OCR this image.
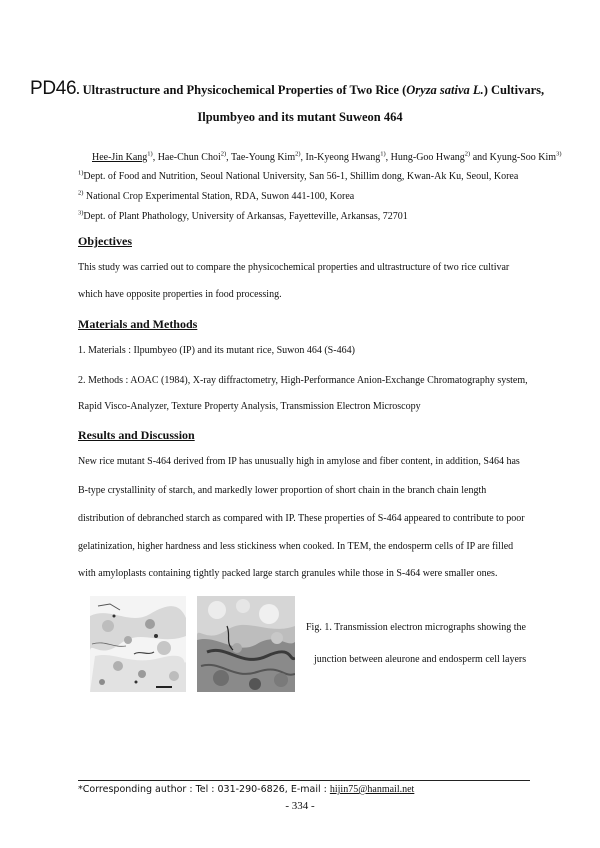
PD46. Ultrastructure and Physicochemical Properties of Two Rice (Oryza sativa L.) Cultivars,
Ilpumbyeo and its mutant Suweon 464
Hee-Jin Kang$^{1)}$, Hae-Chun Choi$^{2)}$, Tae-Young Kim$^{2)}$, In-Kyeong Hwang$^{1)}$, Hung-Goo Hwang$^{2)}$ and Kyung-Soo Kim$^{3)}$
$^{1)}$Dept. of Food and Nutrition, Seoul National University, San 56-1, Shillim dong, Kwan-Ak Ku, Seoul, Korea
$^{2)}$ National Crop Experimental Station, RDA, Suwon 441-100, Korea
$^{3)}$Dept. of Plant Phathology, University of Arkansas, Fayetteville, Arkansas, 72701
Objectives
This study was carried out to compare the physicochemical properties and ultrastructure of two rice cultivar
which have opposite properties in food processing.
Materials and Methods
1. Materials : Ilpumbyeo (IP) and its mutant rice, Suwon 464 (S-464)
2. Methods : AOAC (1984), X-ray diffractometry, High-Performance Anion-Exchange Chromatography system,
Rapid Visco-Analyzer, Texture Property Analysis, Transmission Electron Microscopy
Results and Discussion
New rice mutant S-464 derived from IP has unusually high in amylose and fiber content, in addition, S464 has
B-type crystallinity of starch, and markedly lower proportion of short chain in the branch chain length
distribution of debranched starch as compared with IP. These properties of S-464 appeared to contribute to poor
gelatinization, higher hardness and less stickiness when cooked. In TEM, the endosperm cells of IP are filled
with amyloplasts containing tightly packed large starch granules while those in S-464 were smaller ones.
Fig. 1. Transmission electron micrographs showing the
junction between aleurone and endosperm cell layers
*Corresponding author : Tel : 031-290-6826, E-mail : hijin75@hanmail.net
- 334 -
